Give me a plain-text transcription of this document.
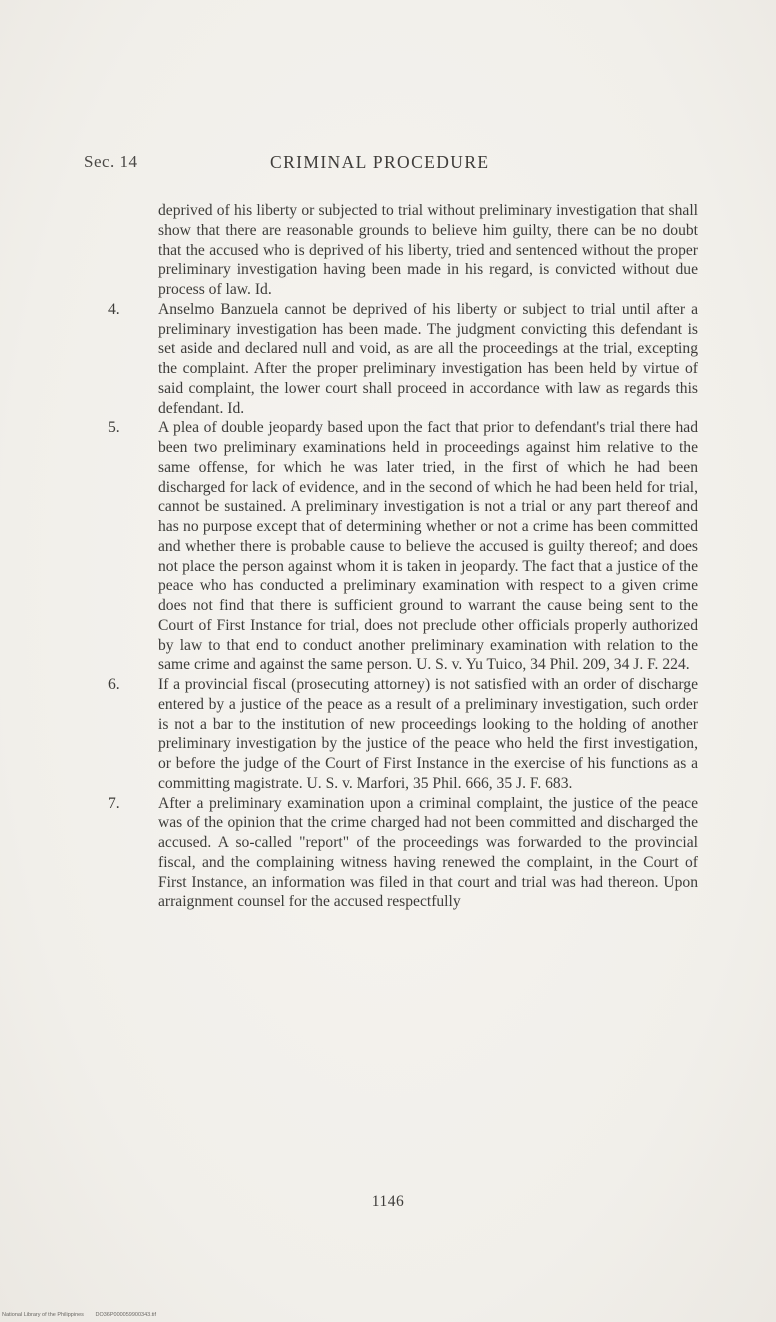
Sec. 14	CRIMINAL PROCEDURE

deprived of his liberty or subjected to trial without preliminary investigation that shall show that there are reasonable grounds to believe him guilty, there can be no doubt that the accused who is deprived of his liberty, tried and sentenced without the proper preliminary investigation having been made in his regard, is convicted without due process of law. Id.

4. Anselmo Banzuela cannot be deprived of his liberty or subject to trial until after a preliminary investigation has been made. The judgment convicting this defendant is set aside and declared null and void, as are all the proceedings at the trial, excepting the complaint. After the proper preliminary investigation has been held by virtue of said complaint, the lower court shall proceed in accordance with law as regards this defendant. Id.
5. A plea of double jeopardy based upon the fact that prior to defendant's trial there had been two preliminary examinations held in proceedings against him relative to the same offense, for which he was later tried, in the first of which he had been discharged for lack of evidence, and in the second of which he had been held for trial, cannot be sustained. A preliminary investigation is not a trial or any part thereof and has no purpose except that of determining whether or not a crime has been committed and whether there is probable cause to believe the accused is guilty thereof; and does not place the person against whom it is taken in jeopardy. The fact that a justice of the peace who has conducted a preliminary examination with respect to a given crime does not find that there is sufficient ground to warrant the cause being sent to the Court of First Instance for trial, does not preclude other officials properly authorized by law to that end to conduct another preliminary examination with relation to the same crime and against the same person. U. S. v. Yu Tuico, 34 Phil. 209, 34 J. F. 224.
6. If a provincial fiscal (prosecuting attorney) is not satisfied with an order of discharge entered by a justice of the peace as a result of a preliminary investigation, such order is not a bar to the institution of new proceedings looking to the holding of another preliminary investigation by the justice of the peace who held the first investigation, or before the judge of the Court of First Instance in the exercise of his functions as a committing magistrate. U. S. v. Marfori, 35 Phil. 666, 35 J. F. 683.
7. After a preliminary examination upon a criminal complaint, the justice of the peace was of the opinion that the crime charged had not been committed and discharged the accused. A so-called "report" of the proceedings was forwarded to the provincial fiscal, and the complaining witness having renewed the complaint, in the Court of First Instance, an information was filed in that court and trial was had thereon. Upon arraignment counsel for the accused respectfully
1146
National Library of the Philippines DO36P000059900343.tif
